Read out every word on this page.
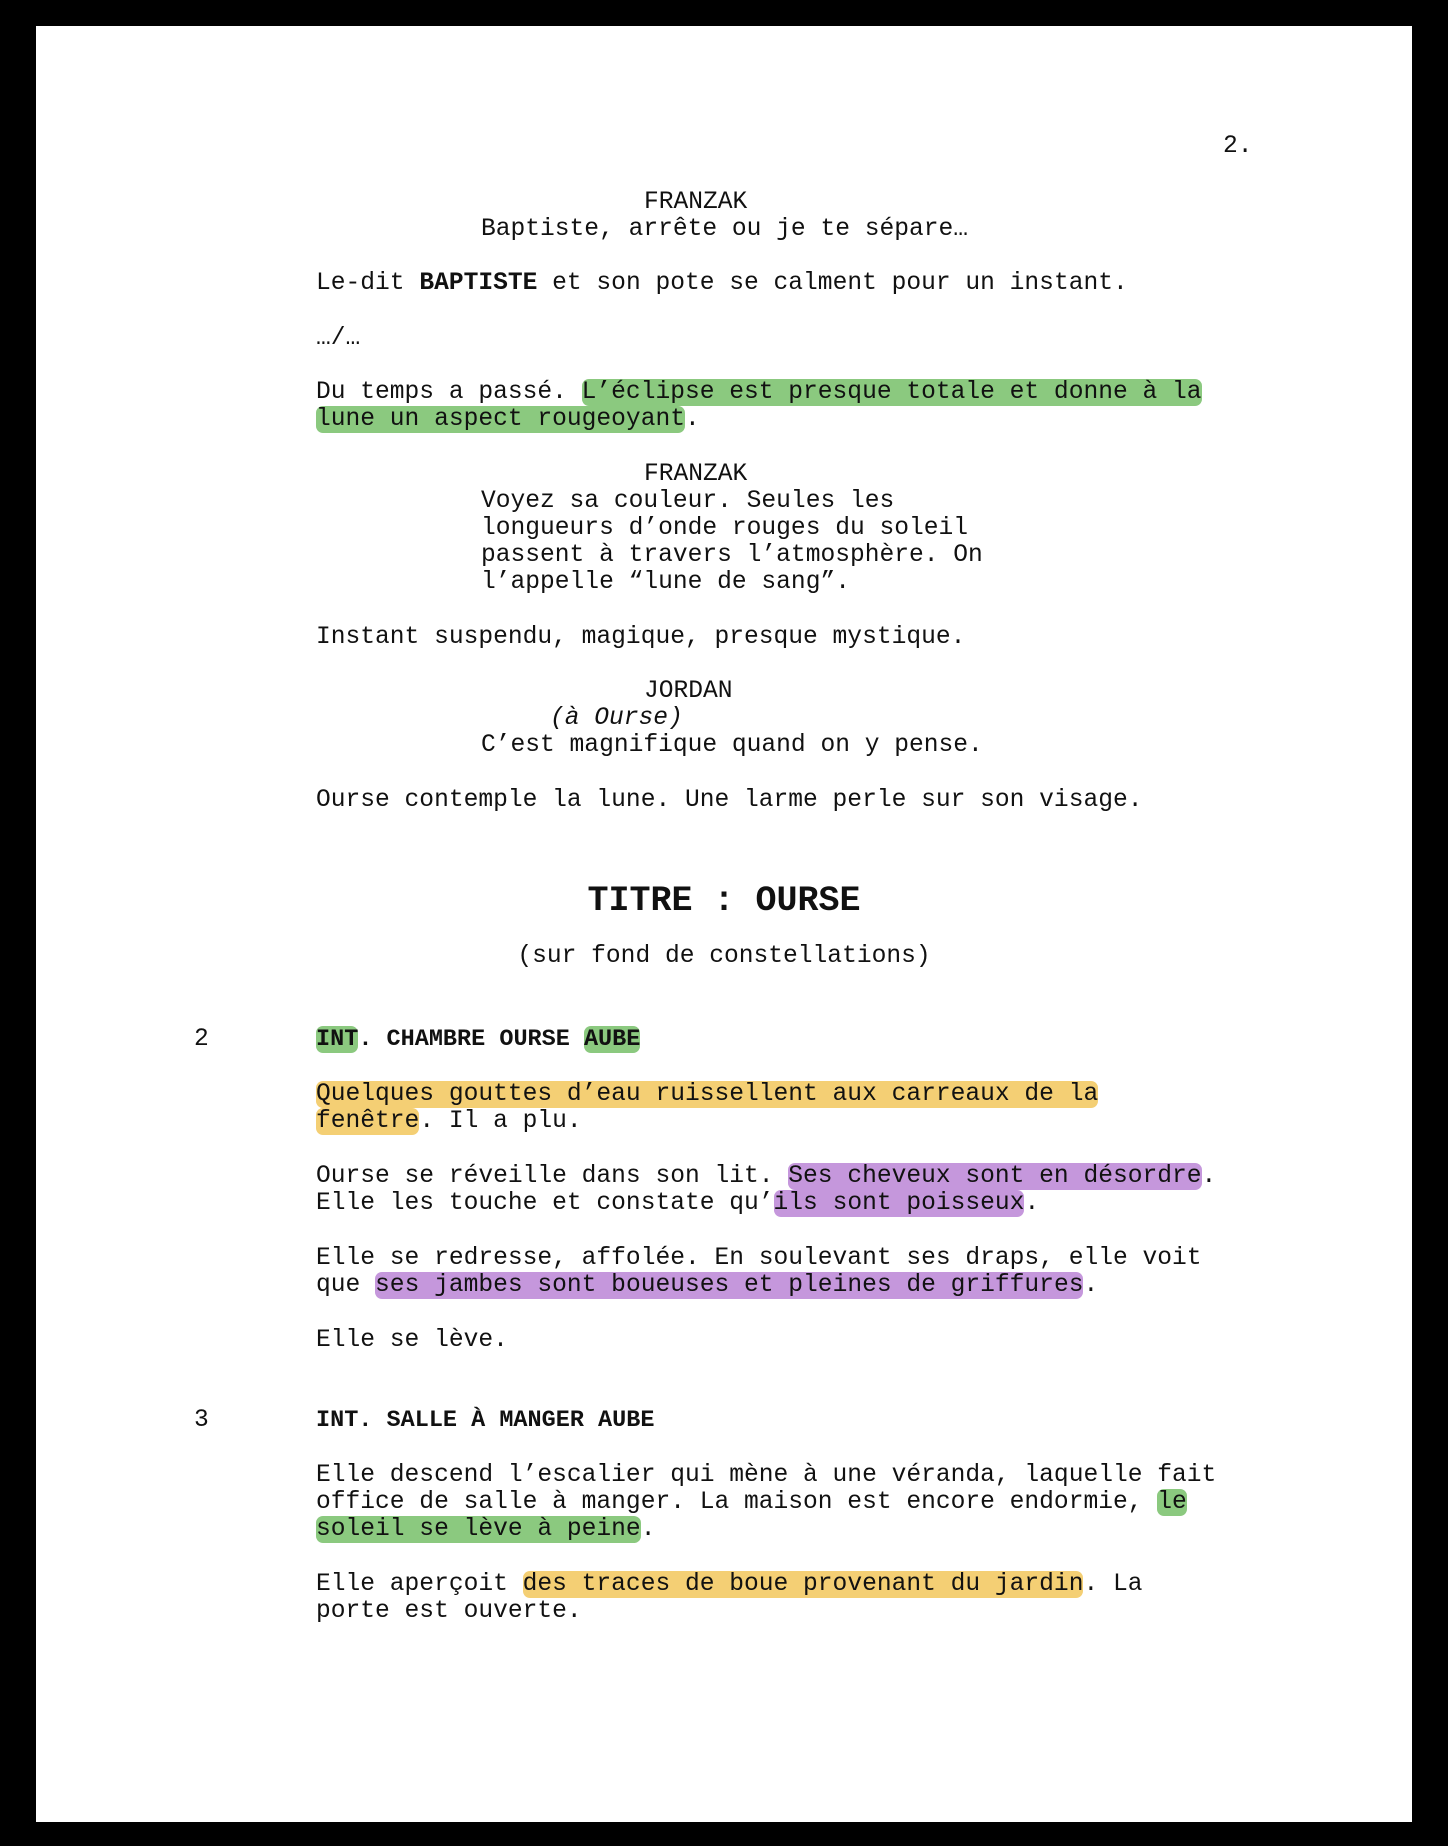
2.
FRANZAK
Baptiste, arrête ou je te sépare…
Le-dit BAPTISTE et son pote se calment pour un instant.
…/…
Du temps a passé. L’éclipse est presque totale et donne à la
lune un aspect rougeoyant.
FRANZAK
Voyez sa couleur. Seules les
longueurs d’onde rouges du soleil
passent à travers l’atmosphère. On
l’appelle “lune de sang”.
Instant suspendu, magique, presque mystique.
JORDAN
(à Ourse)
C’est magnifique quand on y pense.
Ourse contemple la lune. Une larme perle sur son visage.
TITRE : OURSE
(sur fond de constellations)
2	INT. CHAMBRE OURSE AUBE
Quelques gouttes d’eau ruissellent aux carreaux de la
fenêtre. Il a plu.
Ourse se réveille dans son lit. Ses cheveux sont en désordre.
Elle les touche et constate qu’ils sont poisseux.
Elle se redresse, affolée. En soulevant ses draps, elle voit
que ses jambes sont boueuses et pleines de griffures.
Elle se lève.
3	INT. SALLE À MANGER AUBE
Elle descend l’escalier qui mène à une véranda, laquelle fait
office de salle à manger. La maison est encore endormie, le
soleil se lève à peine.
Elle aperçoit des traces de boue provenant du jardin. La
porte est ouverte.
